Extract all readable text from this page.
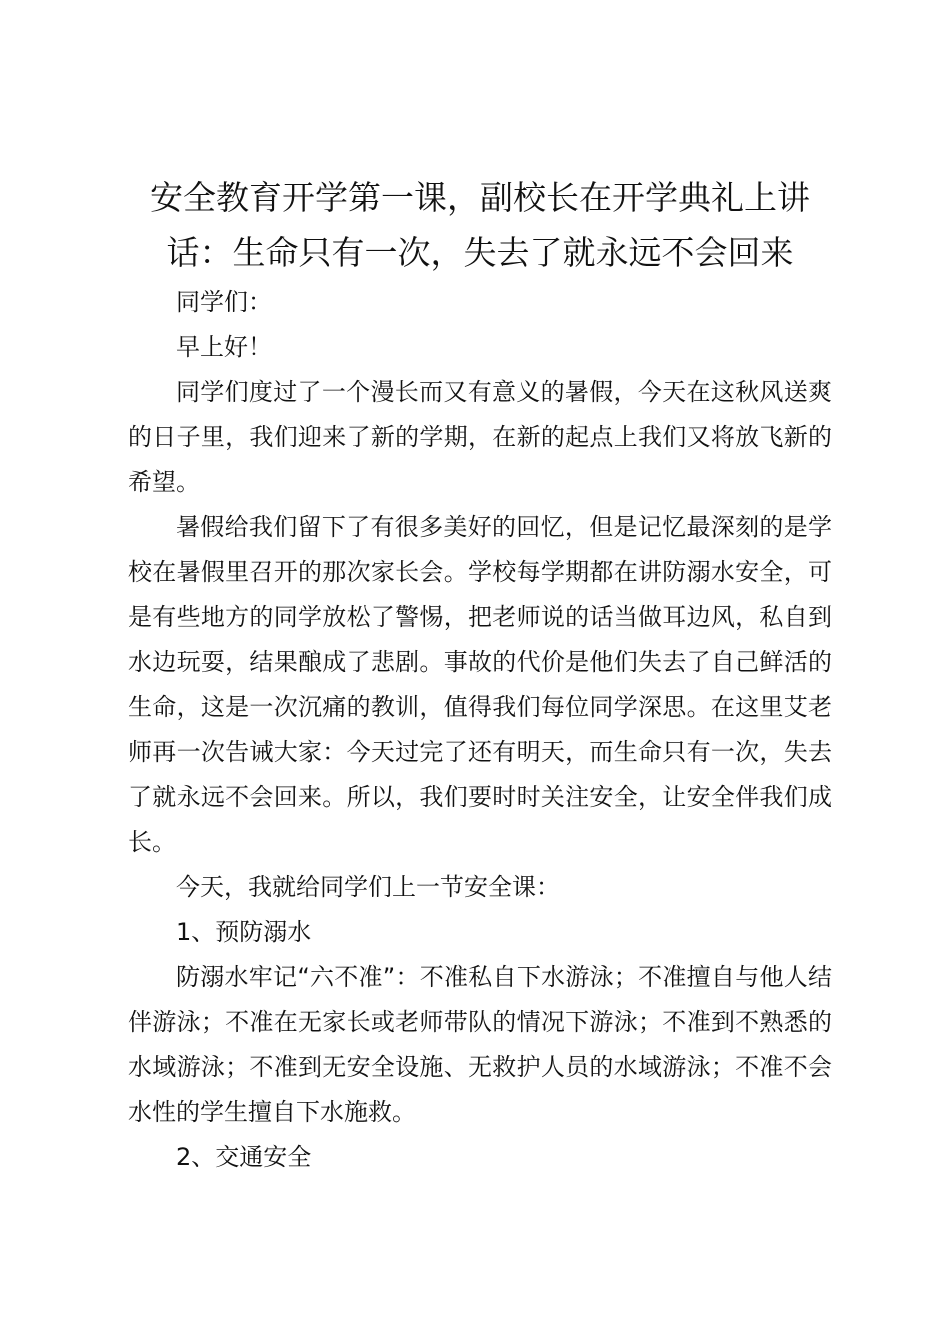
安全教育开学第一课，副校长在开学典礼上讲话：生命只有一次，失去了就永远不会回来

同学们：

早上好！

同学们度过了一个漫长而又有意义的暑假，今天在这秋风送爽的日子里，我们迎来了新的学期，在新的起点上我们又将放飞新的希望。

暑假给我们留下了有很多美好的回忆，但是记忆最深刻的是学校在暑假里召开的那次家长会。学校每学期都在讲防溺水安全，可是有些地方的同学放松了警惕，把老师说的话当做耳边风，私自到水边玩耍，结果酿成了悲剧。事故的代价是他们失去了自己鲜活的生命，这是一次沉痛的教训，值得我们每位同学深思。在这里艾老师再一次告诫大家：今天过完了还有明天，而生命只有一次，失去了就永远不会回来。所以，我们要时时关注安全，让安全伴我们成长。

今天，我就给同学们上一节安全课：

1、预防溺水

防溺水牢记“六不准”：不准私自下水游泳；不准擅自与他人结伴游泳；不准在无家长或老师带队的情况下游泳；不准到不熟悉的水域游泳；不准到无安全设施、无救护人员的水域游泳；不准不会水性的学生擅自下水施救。

2、交通安全
